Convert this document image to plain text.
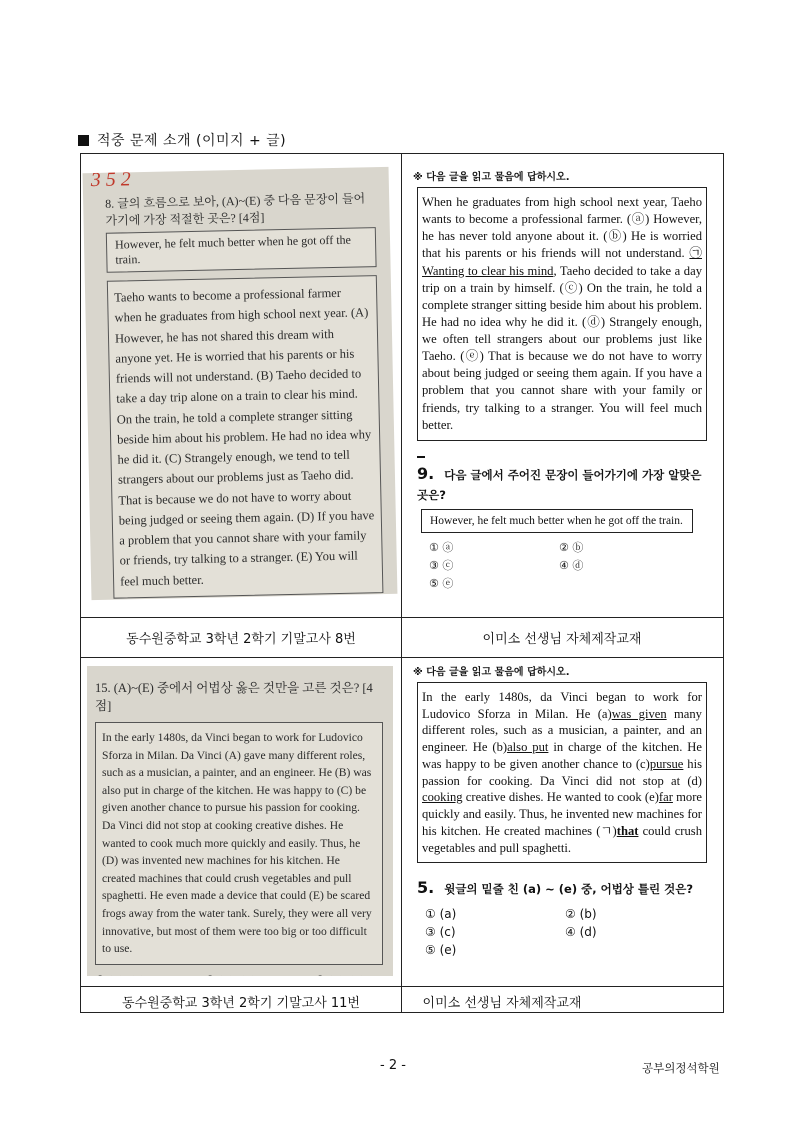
적중 문제 소개 (이미지 + 글)
3 5 2
8. 글의 흐름으로 보아, (A)~(E) 중 다음 문장이 들어가기에 가장 적절한 곳은? [4점]
However, he felt much better when he got off the train.
Taeho wants to become a professional farmer when he graduates from high school next year. (A) However, he has not shared this dream with anyone yet. He is worried that his parents or his friends will not understand. (B) Taeho decided to take a day trip alone on a train to clear his mind. On the train, he told a complete stranger sitting beside him about his problem. He had no idea why he did it. (C) Strangely enough, we tend to tell strangers about our problems just as Taeho did. That is because we do not have to worry about being judged or seeing them again. (D) If you have a problem that you cannot share with your family or friends, try talking to a stranger. (E) You will feel much better.

※ 다음 글을 읽고 물음에 답하시오.

When he graduates from high school next year, Taeho wants to become a professional farmer. (ⓐ) However, he has never told anyone about it. (ⓑ) He is worried that his parents or his friends will not understand. ㉠Wanting to clear his mind, Taeho decided to take a day trip on a train by himself. (ⓒ) On the train, he told a complete stranger sitting beside him about his problem. He had no idea why he did it. (ⓓ) Strangely enough, we often tell strangers about our problems just like Taeho. (ⓔ) That is because we do not have to worry about being judged or seeing them again. If you have a problem that you cannot share with your family or friends, try talking to a stranger. You will feel much better.
9. 다음 글에서 주어진 문장이 들어가기에 가장 알맞은 곳은?
However, he felt much better when he got off the train.
① ⓐ	② ⓑ
③ ⓒ	④ ⓓ
⑤ ⓔ
동수원중학교 3학년 2학기 기말고사 8번	이미소 선생님 자체제작교재
15. (A)~(E) 중에서 어법상 옳은 것만을 고른 것은? [4점]
In the early 1480s, da Vinci began to work for Ludovico Sforza in Milan. Da Vinci (A) gave many different roles, such as a musician, a painter, and an engineer. He (B) was also put in charge of the kitchen. He was happy to (C) be given another chance to pursue his passion for cooking. Da Vinci did not stop at cooking creative dishes. He wanted to cook much more quickly and easily. Thus, he (D) was invented new machines for his kitchen. He created machines that could crush vegetables and pull spaghetti. He even made a device that could (E) be scared frogs away from the water tank. Surely, they were all very innovative, but most of them were too big or too difficult to use.

※ 다음 글을 읽고 물음에 답하시오.

In the early 1480s, da Vinci began to work for Ludovico Sforza in Milan. He (a)was given many different roles, such as a musician, a painter, and an engineer. He (b)also put in charge of the kitchen. He was happy to be given another chance to (c)pursue his passion for cooking. Da Vinci did not stop at (d) cooking creative dishes. He wanted to cook (e)far more quickly and easily. Thus, he invented new machines for his kitchen. He created machines (ㄱ)that could crush vegetables and pull spaghetti.
5. 윗글의 밑줄 친 (a) ~ (e) 중, 어법상 틀린 것은?
① (a)	② (b)
③ (c)	④ (d)
⑤ (e)
동수원중학교 3학년 2학기 기말고사 11번	이미소 선생님 자체제작교재
- 2 -	공부의정석학원
